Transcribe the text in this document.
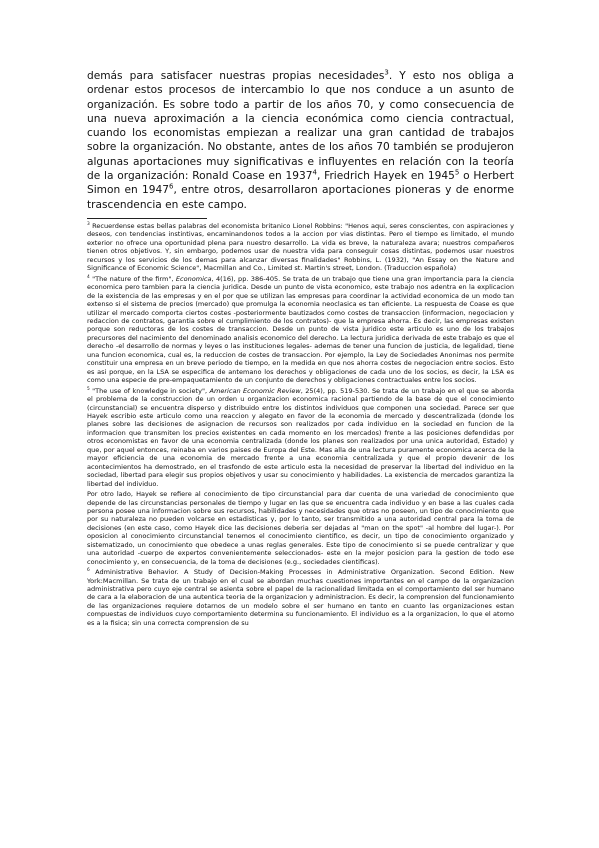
demás para satisfacer nuestras propias necesidades$^3$. Y esto nos obliga a ordenar estos procesos de intercambio lo que nos conduce a un asunto de organización. Es sobre todo a partir de los años 70, y como consecuencia de una nueva aproximación a la ciencia económica como ciencia contractual, cuando los economistas empiezan a realizar una gran cantidad de trabajos sobre la organización. No obstante, antes de los años 70 también se produjeron algunas aportaciones muy significativas e influyentes en relación con la teoría de la organización: Ronald Coase en 1937$^4$, Friedrich Hayek en 1945$^5$ o Herbert Simon en 1947$^6$, entre otros, desarrollaron aportaciones pioneras y de enorme trascendencia en este campo.

$^3$ Recuerdense estas bellas palabras del economista britanico Lionel Robbins: "Henos aqui, seres conscientes, con aspiraciones y deseos, con tendencias instintivas, encaminandonos todos a la accion por vias distintas. Pero el tiempo es limitado, el mundo exterior no ofrece una oportunidad plena para nuestro desarrollo. La vida es breve, la naturaleza avara; nuestros compañeros tienen otros objetivos. Y, sin embargo, podemos usar de nuestra vida para conseguir cosas distintas, podemos usar nuestros recursos y los servicios de los demas para alcanzar diversas finalidades" Robbins, L. (1932), "An Essay on the Nature and Significance of Economic Science", Macmillan and Co., Limited st. Martin's street, London. (Traduccion española)

$^4$ "The nature of the firm", Economica, 4(16), pp. 386-405. Se trata de un trabajo que tiene una gran importancia para la ciencia economica pero tambien para la ciencia juridica. Desde un punto de vista economico, este trabajo nos adentra en la explicacion de la existencia de las empresas y en el por que se utilizan las empresas para coordinar la actividad economica de un modo tan extenso si el sistema de precios (mercado) que promulga la economia neoclasica es tan eficiente. La respuesta de Coase es que utilizar el mercado comporta ciertos costes -posteriormente bautizados como costes de transaccion (informacion, negociacion y redaccion de contratos, garantia sobre el cumplimiento de los contratos)- que la empresa ahorra. Es decir, las empresas existen porque son reductoras de los costes de transaccion. Desde un punto de vista juridico este articulo es uno de los trabajos precursores del nacimiento del denominado analisis economico del derecho. La lectura juridica derivada de este trabajo es que el derecho -el desarrollo de normas y leyes o las instituciones legales- ademas de tener una funcion de justicia, de legalidad, tiene una funcion economica, cual es, la reduccion de costes de transaccion. Por ejemplo, la Ley de Sociedades Anonimas nos permite constituir una empresa en un breve periodo de tiempo, en la medida en que nos ahorra costes de negociacion entre socios. Esto es asi porque, en la LSA se especifica de antemano los derechos y obligaciones de cada uno de los socios, es decir, la LSA es como una especie de pre-empaquetamiento de un conjunto de derechos y obligaciones contractuales entre los socios.

$^5$ "The use of knowledge in society", American Economic Review, 25(4), pp. 519-530. Se trata de un trabajo en el que se aborda el problema de la construccion de un orden u organizacion economica racional partiendo de la base de que el conocimiento (circunstancial) se encuentra disperso y distribuido entre los distintos individuos que componen una sociedad. Parece ser que Hayek escribio este articulo como una reaccion y alegato en favor de la economia de mercado y descentralizada (donde los planes sobre las decisiones de asignacion de recursos son realizados por cada individuo en la sociedad en funcion de la informacion que transmiten los precios existentes en cada momento en los mercados) frente a las posiciones defendidas por otros economistas en favor de una economia centralizada (donde los planes son realizados por una unica autoridad, Estado) y que, por aquel entonces, reinaba en varios paises de Europa del Este. Mas alla de una lectura puramente economica acerca de la mayor eficiencia de una economia de mercado frente a una economia centralizada y que el propio devenir de los acontecimientos ha demostrado, en el trasfondo de este articulo esta la necesidad de preservar la libertad del individuo en la sociedad, libertad para elegir sus propios objetivos y usar su conocimiento y habilidades. La existencia de mercados garantiza la libertad del individuo.

Por otro lado, Hayek se refiere al conocimiento de tipo circunstancial para dar cuenta de una variedad de conocimiento que depende de las circunstancias personales de tiempo y lugar en las que se encuentra cada individuo y en base a las cuales cada persona posee una informacion sobre sus recursos, habilidades y necesidades que otras no poseen, un tipo de conocimiento que por su naturaleza no pueden volcarse en estadisticas y, por lo tanto, ser transmitido a una autoridad central para la toma de decisiones (en este caso, como Hayek dice las decisiones deberia ser dejadas al "man on the spot" -al hombre del lugar-). Por oposicion al conocimiento circunstancial tenemos el conocimiento cientifico, es decir, un tipo de conocimiento organizado y sistematizado, un conocimiento que obedece a unas reglas generales. Este tipo de conocimiento si se puede centralizar y que una autoridad -cuerpo de expertos convenientemente seleccionados- este en la mejor posicion para la gestion de todo ese conocimiento y, en consecuencia, de la toma de decisiones (e.g., sociedades cientificas).

$^6$ Administrative Behavior. A Study of Decision-Making Processes in Administrative Organization. Second Edition. New York:Macmillan. Se trata de un trabajo en el cual se abordan muchas cuestiones importantes en el campo de la organizacion administrativa pero cuyo eje central se asienta sobre el papel de la racionalidad limitada en el comportamiento del ser humano de cara a la elaboracion de una autentica teoria de la organizacion y administracion. Es decir, la comprension del funcionamiento de las organizaciones requiere dotarnos de un modelo sobre el ser humano en tanto en cuanto las organizaciones estan compuestas de individuos cuyo comportamiento determina su funcionamiento. El individuo es a la organizacion, lo que el atomo es a la fisica; sin una correcta comprension de su
